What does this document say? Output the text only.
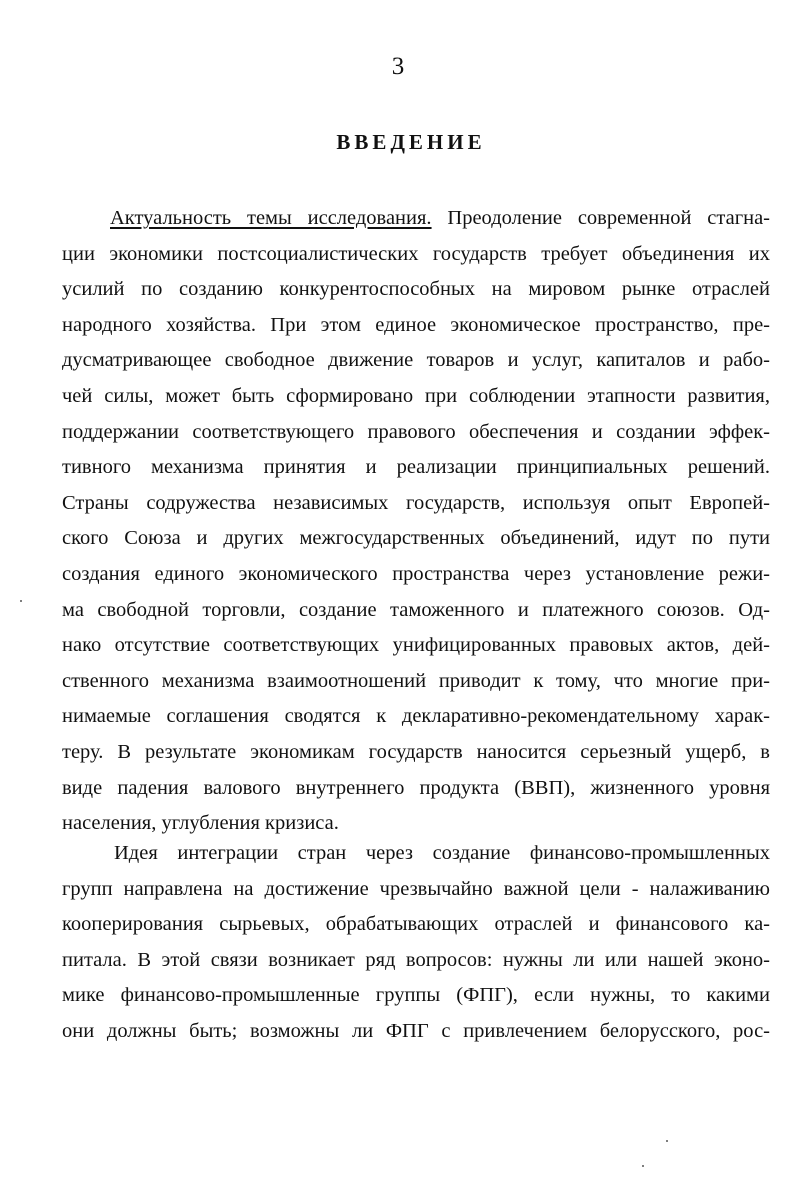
3
ВВЕДЕНИЕ
Актуальность темы исследования. Преодоление современной стагна-
ции экономики постсоциалистических государств требует объединения их
усилий по созданию конкурентоспособных на мировом рынке отраслей
народного хозяйства. При этом единое экономическое пространство, пре-
дусматривающее свободное движение товаров и услуг, капиталов и рабо-
чей силы, может быть сформировано при соблюдении этапности развития,
поддержании соответствующего правового обеспечения и создании эффек-
тивного механизма принятия и реализации принципиальных решений.
Страны содружества независимых государств, используя опыт Европей-
ского Союза и других межгосударственных объединений, идут по пути
создания единого экономического пространства через установление режи-
ма свободной торговли, создание таможенного и платежного союзов. Од-
нако отсутствие соответствующих унифицированных правовых актов, дей-
ственного механизма взаимоотношений приводит к тому, что многие при-
нимаемые соглашения сводятся к декларативно-рекомендательному харак-
теру. В результате экономикам государств наносится серьезный ущерб, в
виде падения валового внутреннего продукта (ВВП), жизненного уровня
населения, углубления кризиса.
Идея интеграции стран через создание финансово-промышленных
групп направлена на достижение чрезвычайно важной цели - налаживанию
кооперирования сырьевых, обрабатывающих отраслей и финансового ка-
питала. В этой связи возникает ряд вопросов: нужны ли или нашей эконо-
мике финансово-промышленные группы (ФПГ), если нужны, то какими
они должны быть; возможны ли ФПГ с привлечением белорусского, рос-
